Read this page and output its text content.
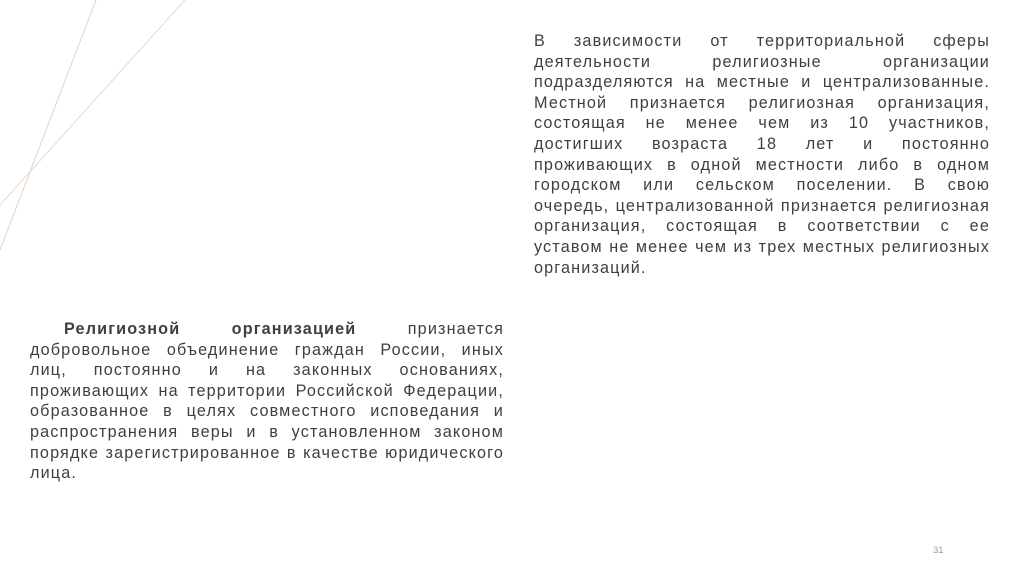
В зависимости от территориальной сферы деятельности религиозные организации подразделяются на местные и централизованные. Местной признается религиозная организация, состоящая не менее чем из 10 участников, достигших возраста 18 лет и постоянно проживающих в одной местности либо в одном городском или сельском поселении. В свою очередь, централизованной признается религиозная организация, состоящая в соответствии с ее уставом не менее чем из трех местных религиозных организаций.

Религиозной организацией признается добровольное объединение граждан России, иных лиц, постоянно и на законных основаниях, проживающих на территории Российской Федерации, образованное в целях совместного исповедания и распространения веры и в установленном законом порядке зарегистрированное в качестве юридического лица.

31
